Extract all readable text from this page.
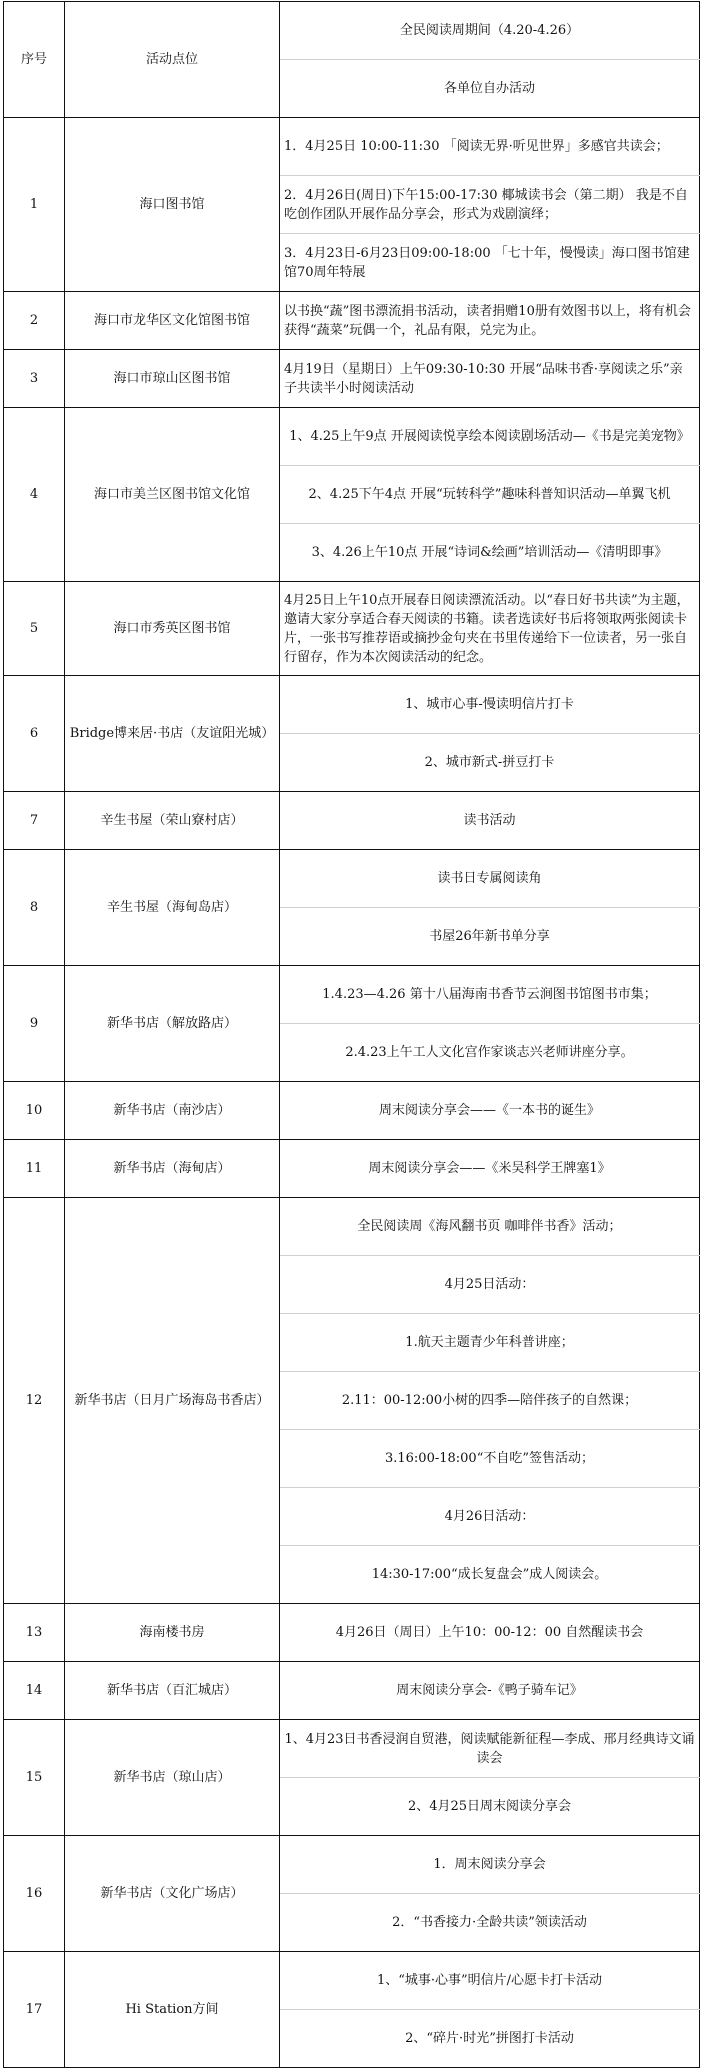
序号	活动点位	全民阅读周期间（4.20-4.26）
		各单位自办活动
1	海口图书馆	1．4月25日 10:00-11:30 「阅读无界·听见世界」多感官共读会；
		2．4月26日(周日)下午15:00-17:30 椰城读书会（第二期） 我是不自吃创作团队开展作品分享会，形式为戏剧演绎；
		3．4月23日-6月23日09:00-18:00 「七十年，慢慢读」海口图书馆建馆70周年特展
2	海口市龙华区文化馆图书馆	以书换“蔬”图书漂流捐书活动，读者捐赠10册有效图书以上，将有机会获得“蔬菜”玩偶一个，礼品有限，兑完为止。
3	海口市琼山区图书馆	4月19日（星期日）上午09:30-10:30 开展“品味书香·享阅读之乐”亲子共读半小时阅读活动
4	海口市美兰区图书馆文化馆	1、4.25上午9点 开展阅读悦享绘本阅读剧场活动—《书是完美宠物》
		2、4.25下午4点 开展“玩转科学”趣味科普知识活动—单翼飞机
		3、4.26上午10点 开展“诗词&绘画”培训活动—《清明即事》
5	海口市秀英区图书馆	4月25日上午10点开展春日阅读漂流活动。以“春日好书共读”为主题，邀请大家分享适合春天阅读的书籍。读者选读好书后将领取两张阅读卡片，一张书写推荐语或摘抄金句夹在书里传递给下一位读者，另一张自行留存，作为本次阅读活动的纪念。
6	Bridge博来居·书店（友谊阳光城）	1、城市心事-慢读明信片打卡
		2、城市新式-拼豆打卡
7	辛生书屋（荣山寮村店）	读书活动
8	辛生书屋（海甸岛店）	读书日专属阅读角
		书屋26年新书单分享
9	新华书店（解放路店）	1.4.23—4.26 第十八届海南书香节云涧图书馆图书市集；
		2.4.23上午工人文化宫作家谈志兴老师讲座分享。
10	新华书店（南沙店）	周末阅读分享会——《一本书的诞生》
11	新华书店（海甸店）	周末阅读分享会——《米吴科学王牌塞1》
12	新华书店（日月广场海岛书香店）	全民阅读周《海风翻书页 咖啡伴书香》活动；
		4月25日活动：
		1.航天主题青少年科普讲座；
		2.11：00-12:00小树的四季—陪伴孩子的自然课；
		3.16:00-18:00“不自吃”签售活动；
		4月26日活动：
		14:30-17:00“成长复盘会”成人阅读会。
13	海南楼书房	4月26日（周日）上午10：00-12：00 自然醒读书会
14	新华书店（百汇城店）	周末阅读分享会-《鸭子骑车记》
15	新华书店（琼山店）	1、4月23日书香浸润自贸港，阅读赋能新征程—李成、邢月经典诗文诵读会
		2、4月25日周末阅读分享会
16	新华书店（文化广场店）	1．周末阅读分享会
		2．“书香接力·全龄共读”领读活动
17	Hi Station方间	1、“城事·心事”明信片/心愿卡打卡活动
		2、“碎片·时光”拼图打卡活动
